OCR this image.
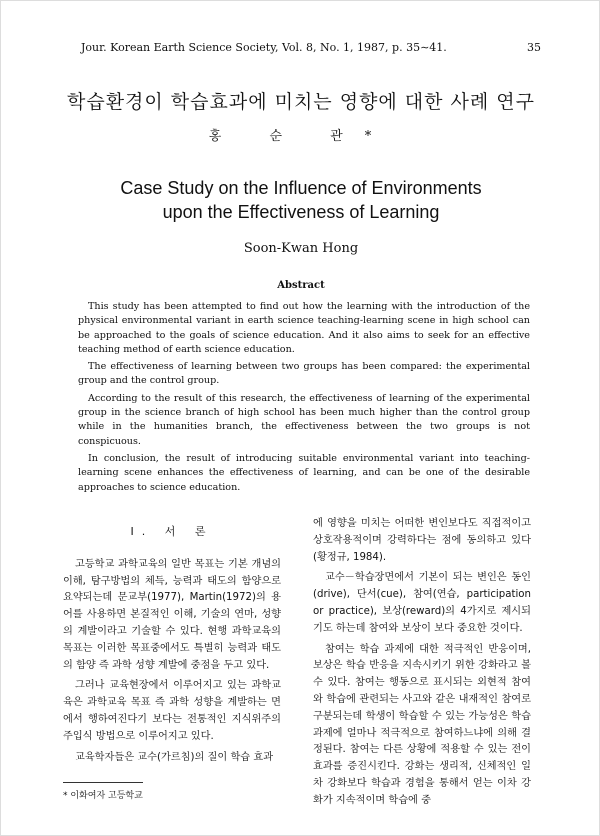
Jour. Korean Earth Science Society, Vol. 8, No. 1, 1987, p. 35∼41.	35
학습환경이 학습효과에 미치는 영향에 대한 사례 연구
홍 순 관*
Case Study on the Influence of Environments
upon the Effectiveness of Learning
Soon-Kwan Hong
Abstract

This study has been attempted to find out how the learning with the introduction of the physical environmental variant in earth science teaching-learning scene in high school can be approached to the goals of science education. And it also aims to seek for an effective teaching method of earth science education.

The effectiveness of learning between two groups has been compared: the experimental group and the control group.

According to the result of this research, the effectiveness of learning of the experimental group in the science branch of high school has been much higher than the control group while in the humanities branch, the effectiveness between the two groups is not conspicuous.

In conclusion, the result of introducing suitable environmental variant into teaching-learning scene enhances the effectiveness of learning, and can be one of the desirable approaches to science education.

I. 서 론

고등학교 과학교육의 일반 목표는 기본 개념의 이해, 탐구방법의 체득, 능력과 태도의 함양으로 요약되는데 문교부(1977), Martin(1972)의 용어를 사용하면 본질적인 이해, 기술의 연마, 성향의 계발이라고 기술할 수 있다. 현행 과학교육의 목표는 이러한 목표중에서도 특별히 능력과 태도의 함양 즉 과학 성향 계발에 중점을 두고 있다.

그러나 교육현장에서 이루어지고 있는 과학교육은 과학교육 목표 즉 과학 성향을 계발하는 면에서 행하여진다기 보다는 전통적인 지식위주의 주입식 방법으로 이루어지고 있다.

교육학자들은 교수(가르침)의 질이 학습 효과

에 영향을 미치는 어떠한 변인보다도 직접적이고 상호작용적이며 강력하다는 점에 동의하고 있다(황정규, 1984).

교수－학습장면에서 기본이 되는 변인은 동인(drive), 단서(cue), 참여(연습, participation or practice), 보상(reward)의 4가지로 제시되기도 하는데 참여와 보상이 보다 중요한 것이다.

참여는 학습 과제에 대한 적극적인 반응이며, 보상은 학습 반응을 지속시키기 위한 강화라고 볼 수 있다. 참여는 행동으로 표시되는 외현적 참여와 학습에 관련되는 사고와 같은 내재적인 참여로 구분되는데 학생이 학습할 수 있는 가능성은 학습 과제에 얼마나 적극적으로 참여하느냐에 의해 결정된다. 참여는 다른 상황에 적용할 수 있는 전이효과를 증진시킨다. 강화는 생리적, 신체적인 일차 강화보다 학습과 경험을 통해서 얻는 이차 강화가 지속적이며 학습에 중

* 이화여자 고등학교
